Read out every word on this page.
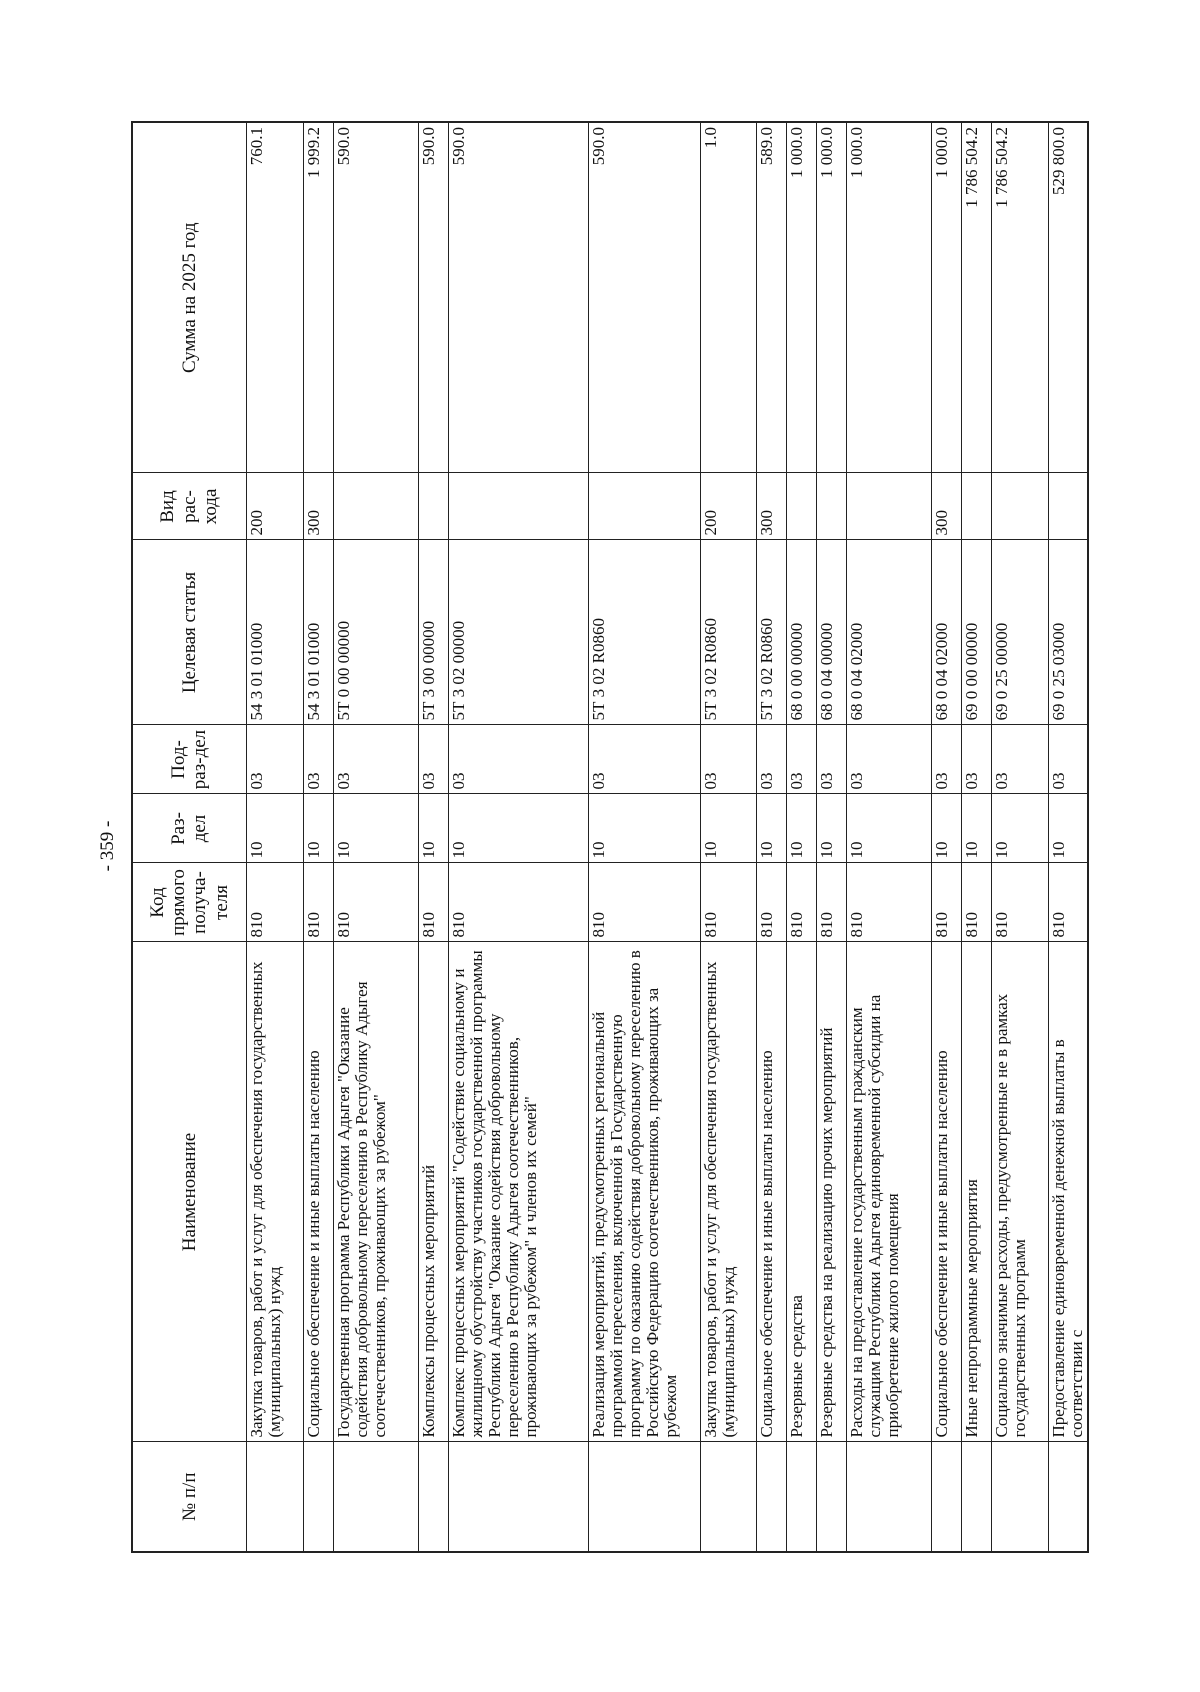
- 359 -
№ п/п	Наименование	Код прямого получа-теля	Раз-дел	Под-раз-дел	Целевая статья	Вид рас-хода	Сумма на 2025 год
	Закупка товаров, работ и услуг для обеспечения государственных (муниципальных) нужд	810	10	03	54 3 01 01000	200	760.1
	Социальное обеспечение и иные выплаты населению	810	10	03	54 3 01 01000	300	1 999.2
	Государственная программа Республики Адыгея "Оказание содействия добровольному переселению в Республику Адыгея соотечественников, проживающих за рубежом"	810	10	03	5Т 0 00 00000		590.0
	Комплексы процессных мероприятий	810	10	03	5Т 3 00 00000		590.0
	Комплекс процессных мероприятий "Содействие социальному и жилищному обустройству участников государственной программы Республики Адыгея "Оказание содействия добровольному переселению в Республику Адыгея соотечественников, проживающих за рубежом" и членов их семей"	810	10	03	5Т 3 02 00000		590.0
	Реализация мероприятий, предусмотренных региональной программой переселения, включенной в Государственную программу по оказанию содействия добровольному переселению в Российскую Федерацию соотечественников, проживающих за рубежом	810	10	03	5Т 3 02 R0860		590.0
	Закупка товаров, работ и услуг для обеспечения государственных (муниципальных) нужд	810	10	03	5Т 3 02 R0860	200	1.0
	Социальное обеспечение и иные выплаты населению	810	10	03	5Т 3 02 R0860	300	589.0
	Резервные средства	810	10	03	68 0 00 00000		1 000.0
	Резервные средства на реализацию прочих мероприятий	810	10	03	68 0 04 00000		1 000.0
	Расходы на предоставление государственным гражданским служащим Республики Адыгея единовременной субсидии на приобретение жилого помещения	810	10	03	68 0 04 02000		1 000.0
	Социальное обеспечение и иные выплаты населению	810	10	03	68 0 04 02000	300	1 000.0
	Иные непрограммные мероприятия	810	10	03	69 0 00 00000		1 786 504.2
	Социально значимые расходы, предусмотренные не в рамках государственных программ	810	10	03	69 0 25 00000		1 786 504.2
	Предоставление единовременной денежной выплаты в соответствии с	810	10	03	69 0 25 03000		529 800.0
